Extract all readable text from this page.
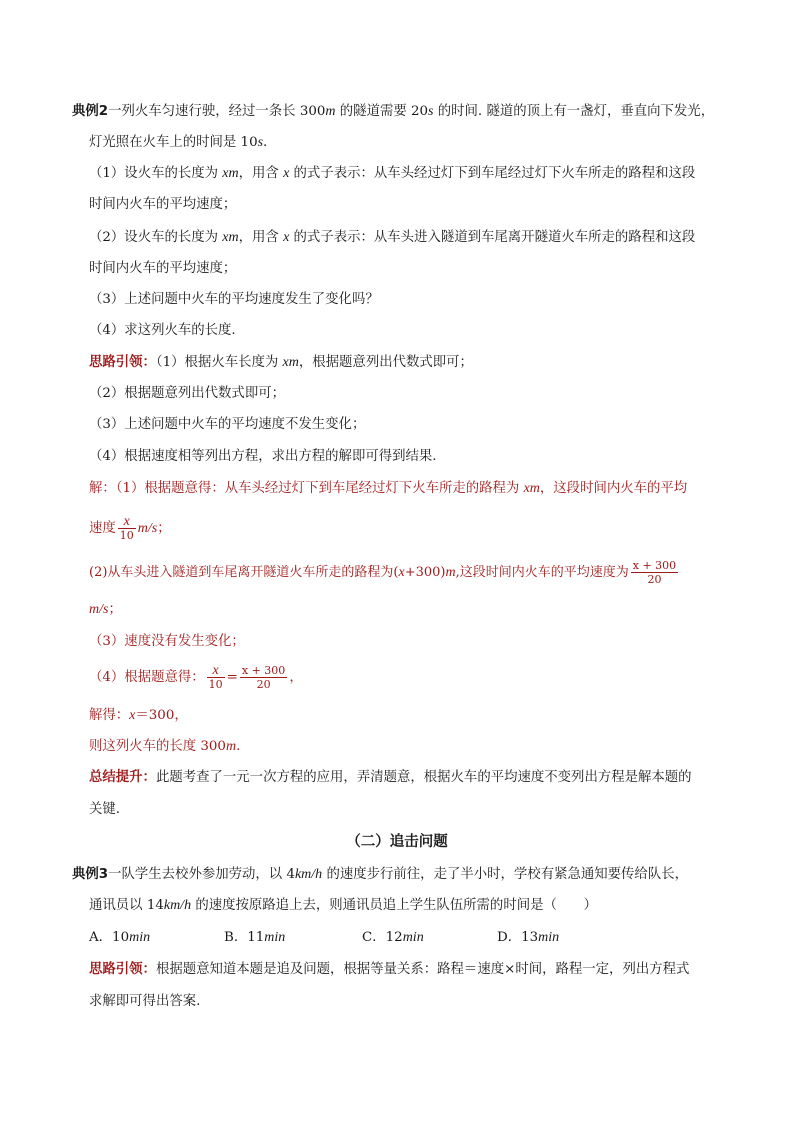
典例2一列火车匀速行驶，经过一条长 300m 的隧道需要 20s 的时间. 隧道的顶上有一盏灯，垂直向下发光，
灯光照在火车上的时间是 10s.
（1）设火车的长度为 xm，用含 x 的式子表示：从车头经过灯下到车尾经过灯下火车所走的路程和这段
时间内火车的平均速度；
（2）设火车的长度为 xm，用含 x 的式子表示：从车头进入隧道到车尾离开隧道火车所走的路程和这段
时间内火车的平均速度；
（3）上述问题中火车的平均速度发生了变化吗？
（4）求这列火车的长度.
思路引领：（1）根据火车长度为 xm，根据题意列出代数式即可；
（2）根据题意列出代数式即可；
（3）上述问题中火车的平均速度不发生变化；
（4）根据速度相等列出方程，求出方程的解即可得到结果.
解：（1）根据题意得：从车头经过灯下到车尾经过灯下火车所走的路程为 xm，这段时间内火车的平均
速度 $\frac{x}{10} m/s$；
(2)从车头进入隧道到车尾离开隧道火车所走的路程为(x+300)m,这段时间内火车的平均速度为 $\frac{x + 300}{20}$
m/s；
（3）速度没有发生变化；
（4）根据题意得： $\frac{x}{10} = \frac{x + 300}{20}$ ，
解得：x＝300，
则这列火车的长度 300m.
总结提升：此题考查了一元一次方程的应用，弄清题意，根据火车的平均速度不变列出方程是解本题的
关键.
（二）追击问题
典例3一队学生去校外参加劳动，以 4km/h 的速度步行前往，走了半小时，学校有紧急通知要传给队长，
通讯员以 14km/h 的速度按原路追上去，则通讯员追上学生队伍所需的时间是（　　）
A．10min	B．11min	C．12min	D．13min
思路引领：根据题意知道本题是追及问题，根据等量关系：路程＝速度×时间，路程一定，列出方程式
求解即可得出答案.
